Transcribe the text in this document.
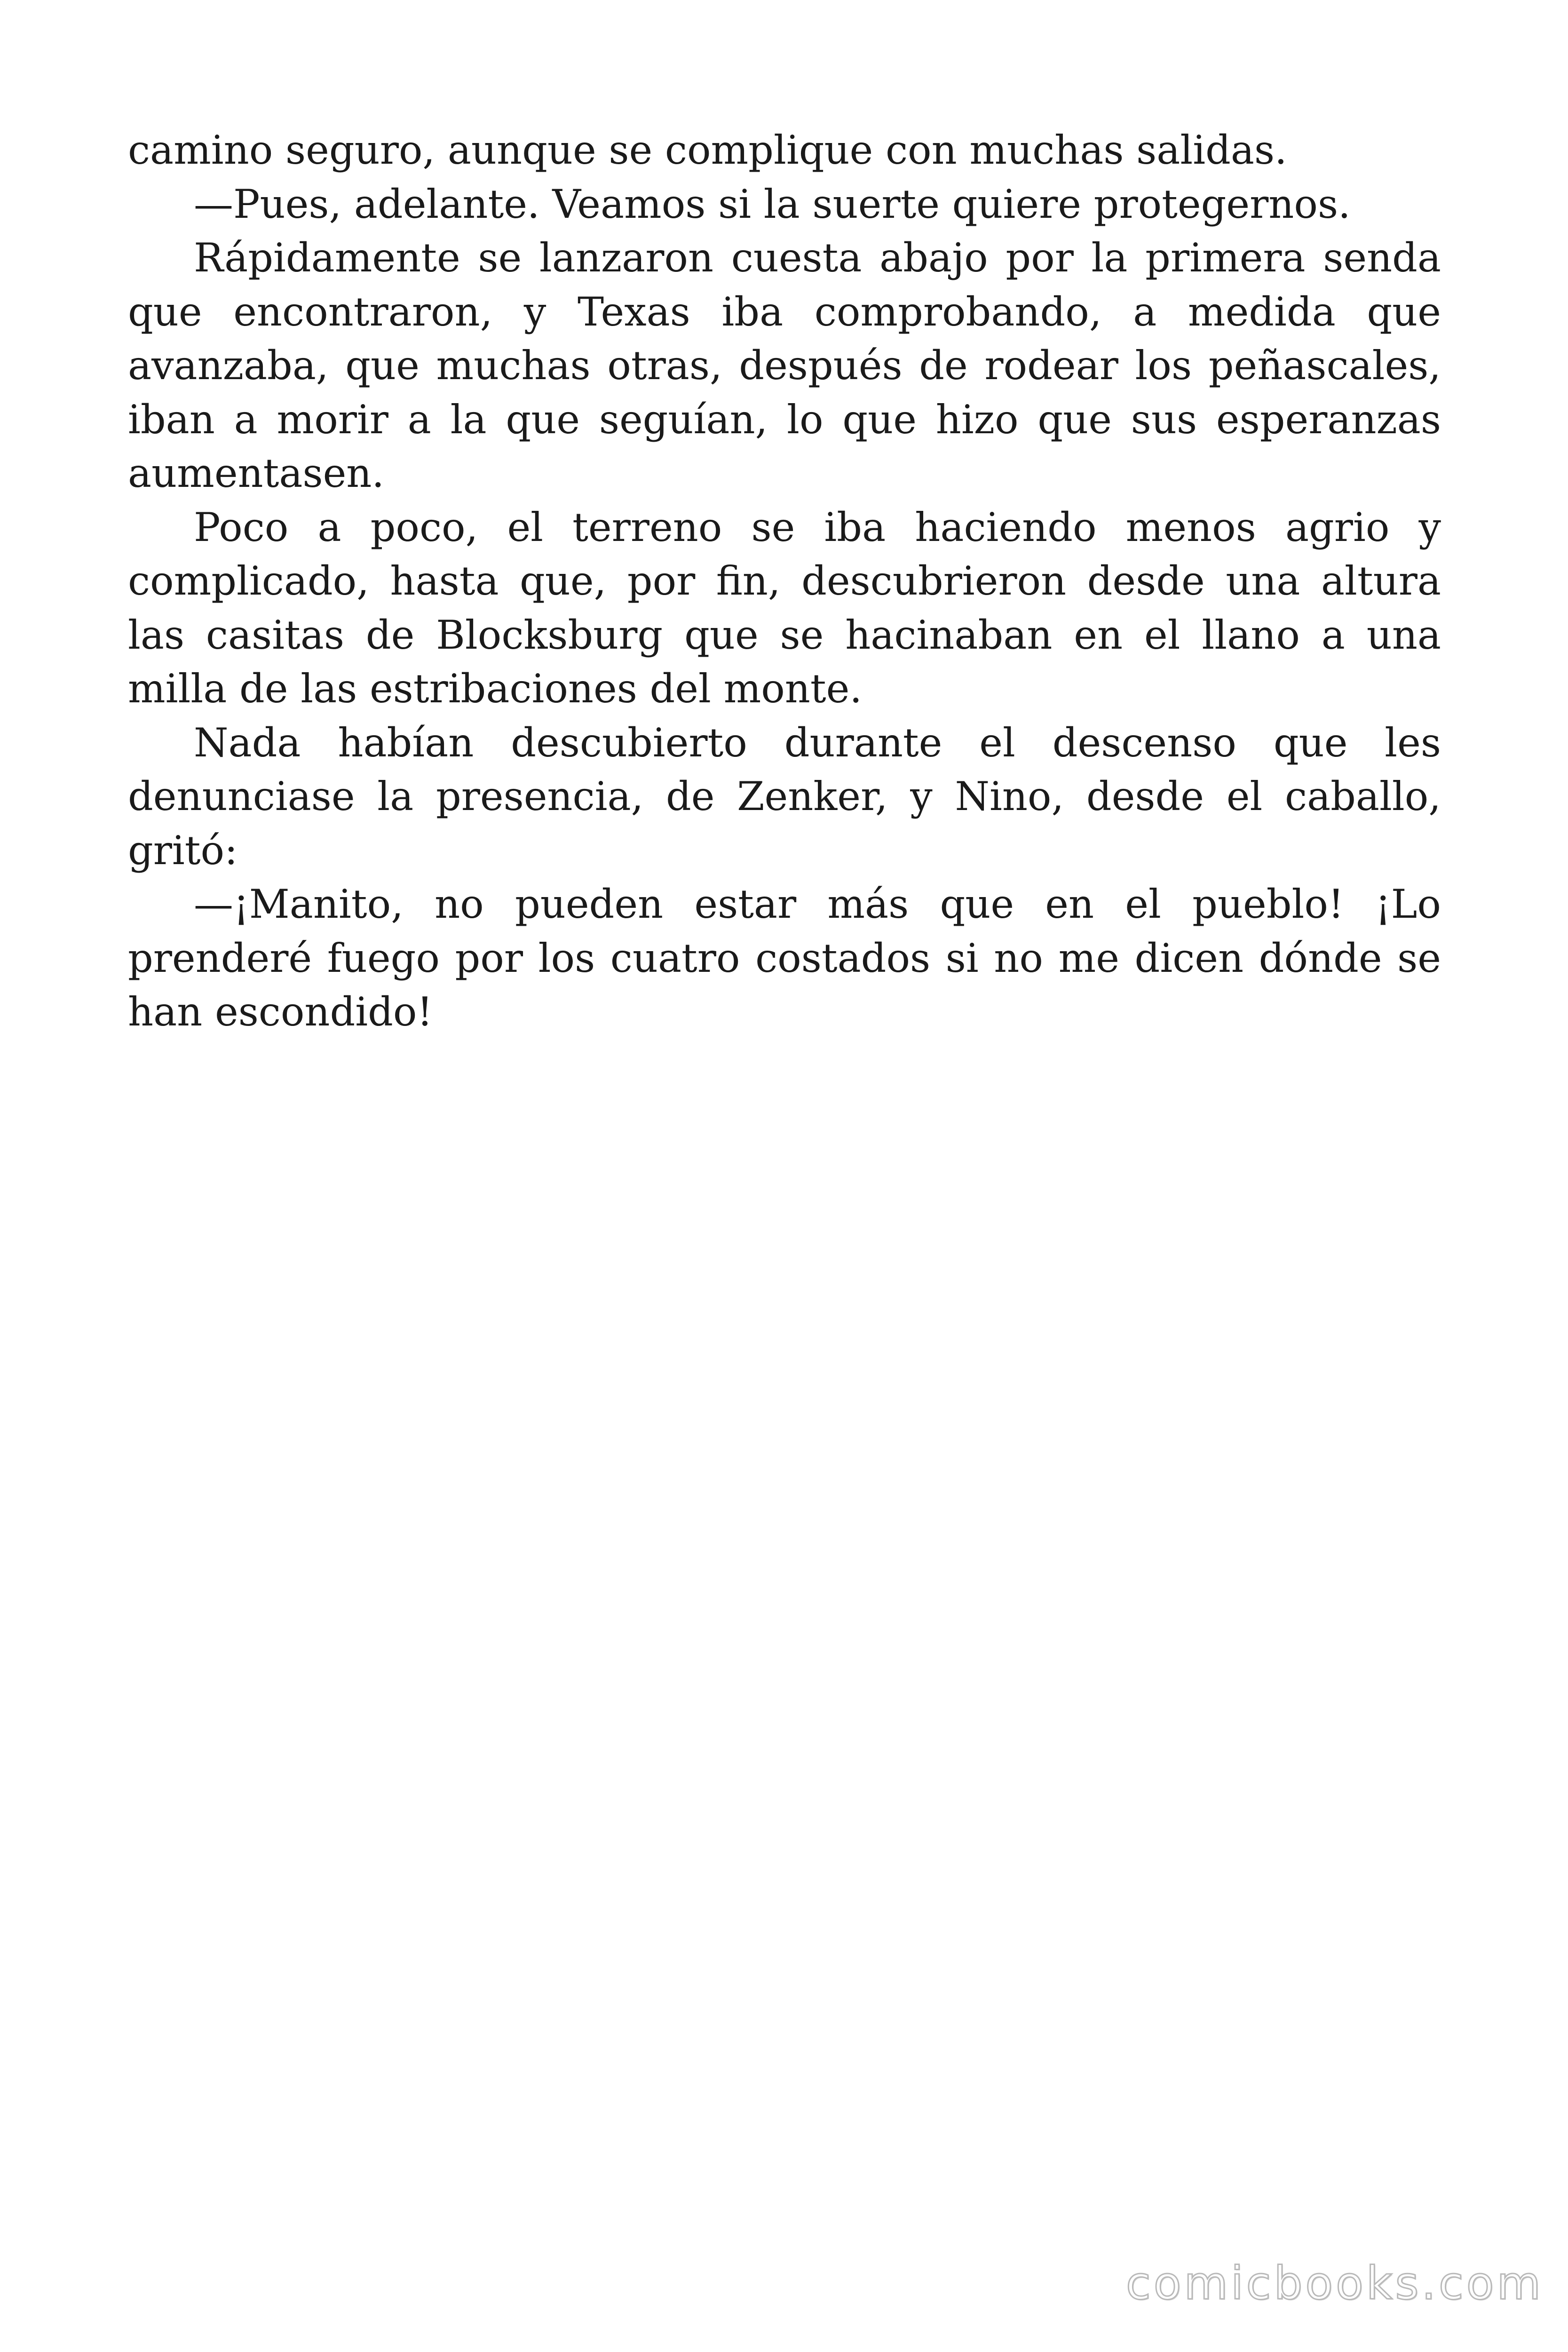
camino seguro, aunque se complique con muchas salidas.

—Pues, adelante. Veamos si la suerte quiere protegernos.

Rápidamente se lanzaron cuesta abajo por la primera senda que encontraron, y Texas iba comprobando, a medida que avanzaba, que muchas otras, después de rodear los peñascales, iban a morir a la que seguían, lo que hizo que sus esperanzas aumentasen.

Poco a poco, el terreno se iba haciendo menos agrio y complicado, hasta que, por fin, descubrieron desde una altura las casitas de Blocksburg que se hacinaban en el llano a una milla de las estribaciones del monte.

Nada habían descubierto durante el descenso que les denunciase la presencia, de Zenker, y Nino, desde el caballo, gritó:

—¡Manito, no pueden estar más que en el pueblo! ¡Lo prenderé fuego por los cuatro costados si no me dicen dónde se han escondido!

comicbooks.com
